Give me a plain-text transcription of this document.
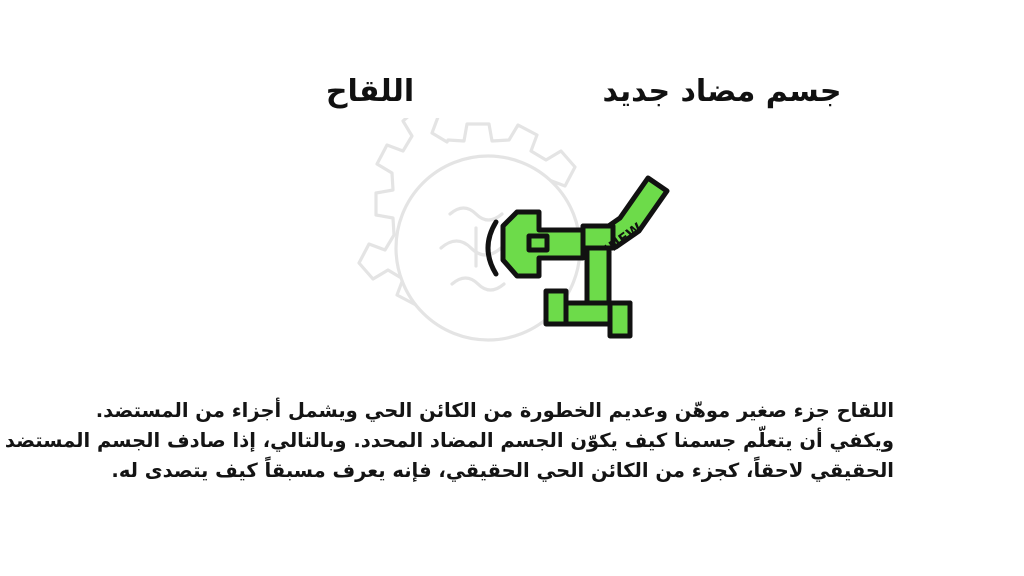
جسم مضاد جديد
اللقاح
NEW!
اللقاح جزء صغير موهّن وعديم الخطورة من الكائن الحي ويشمل أجزاء من المستضد.
ويكفي أن يتعلّم جسمنا كيف يكوّن الجسم المضاد المحدد. وبالتالي، إذا صادف الجسم المستضد
الحقيقي لاحقاً، كجزء من الكائن الحي الحقيقي، فإنه يعرف مسبقاً كيف يتصدى له.
